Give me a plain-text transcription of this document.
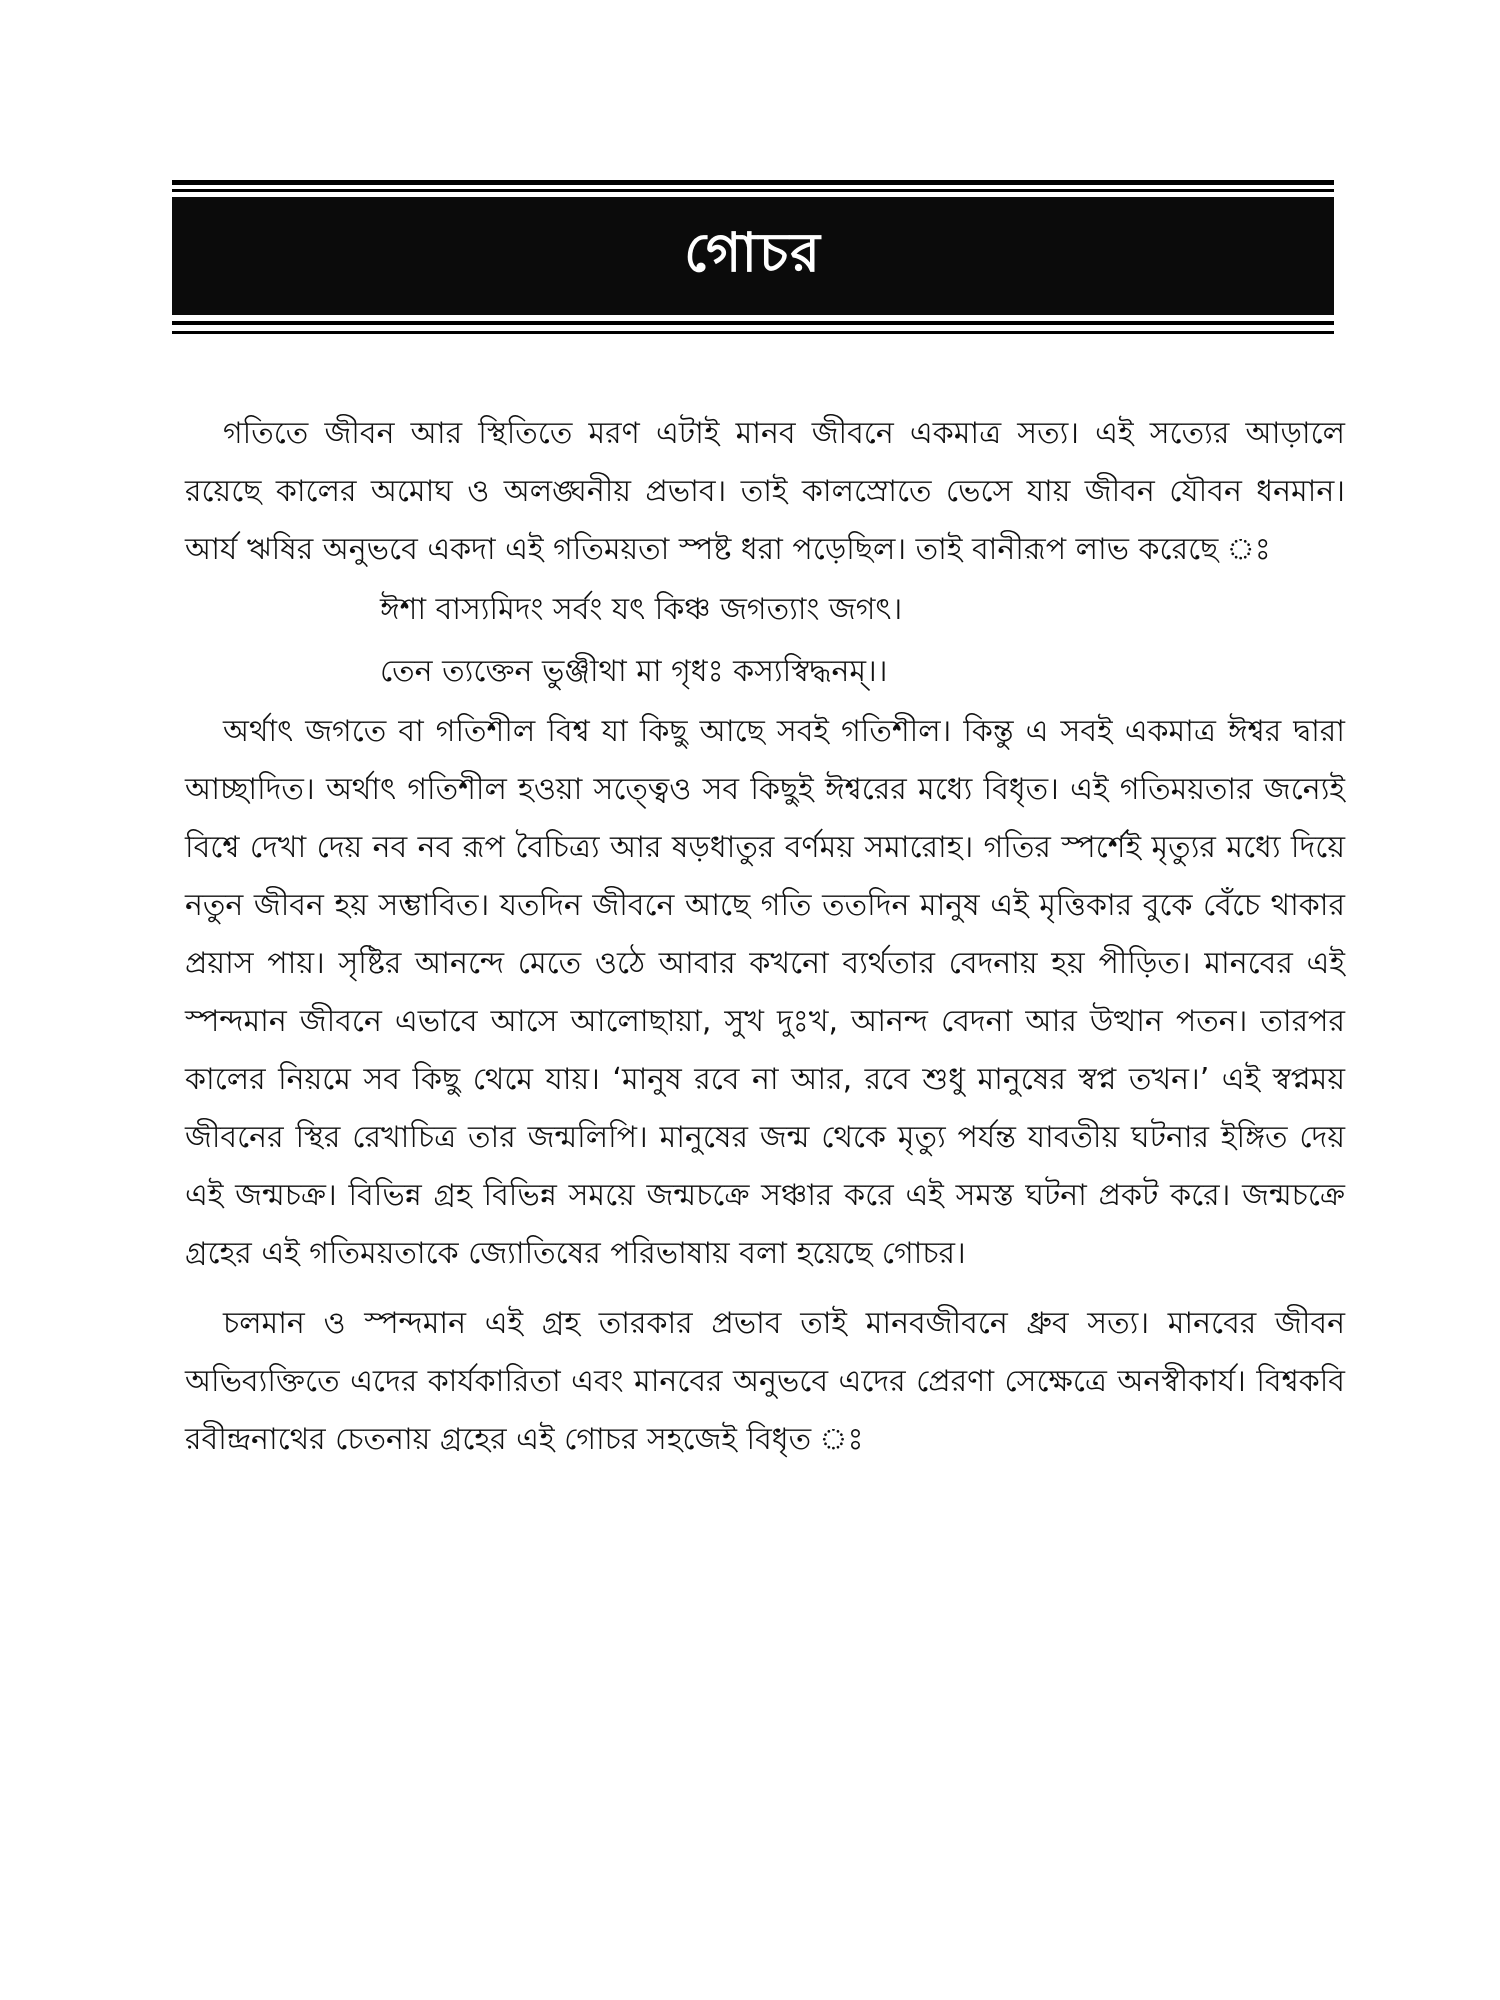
গোচর

গতিতে জীবন আর স্থিতিতে মরণ এটাই মানব জীবনে একমাত্র সত্য। এই সত্যের আড়ালে রয়েছে কালের অমোঘ ও অলঙ্ঘনীয় প্রভাব। তাই কালস্রোতে ভেসে যায় জীবন যৌবন ধনমান। আর্য ঋষির অনুভবে একদা এই গতিময়তা স্পষ্ট ধরা পড়েছিল। তাই বানীরূপ লাভ করেছে ঃ

ঈশা বাস্যমিদং সর্বং যৎ কিঞ্চ জগত্যাং জগৎ।

তেন ত্যক্তেন ভুঞ্জীথা মা গৃধঃ কস্যস্বিদ্ধনম্।।

অর্থাৎ জগতে বা গতিশীল বিশ্ব যা কিছু আছে সবই গতিশীল। কিন্তু এ সবই একমাত্র ঈশ্বর দ্বারা আচ্ছাদিত। অর্থাৎ গতিশীল হওয়া সত্ত্বেও সব কিছুই ঈশ্বরের মধ্যে বিধৃত। এই গতিময়তার জন্যেই বিশ্বে দেখা দেয় নব নব রূপ বৈচিত্র্য আর ষড়ধাতুর বর্ণময় সমারোহ। গতির স্পর্শেই মৃত্যুর মধ্যে দিয়ে নতুন জীবন হয় সম্ভাবিত। যতদিন জীবনে আছে গতি ততদিন মানুষ এই মৃত্তিকার বুকে বেঁচে থাকার প্রয়াস পায়। সৃষ্টির আনন্দে মেতে ওঠে আবার কখনো ব্যর্থতার বেদনায় হয় পীড়িত। মানবের এই স্পন্দমান জীবনে এভাবে আসে আলোছায়া, সুখ দুঃখ, আনন্দ বেদনা আর উত্থান পতন। তারপর কালের নিয়মে সব কিছু থেমে যায়। ‘মানুষ রবে না আর, রবে শুধু মানুষের স্বপ্ন তখন।’ এই স্বপ্নময় জীবনের স্থির রেখাচিত্র তার জন্মলিপি। মানুষের জন্ম থেকে মৃত্যু পর্যন্ত যাবতীয় ঘটনার ইঙ্গিত দেয় এই জন্মচক্র। বিভিন্ন গ্রহ বিভিন্ন সময়ে জন্মচক্রে সঞ্চার করে এই সমস্ত ঘটনা প্রকট করে। জন্মচক্রে গ্রহের এই গতিময়তাকে জ্যোতিষের পরিভাষায় বলা হয়েছে গোচর।

চলমান ও স্পন্দমান এই গ্রহ তারকার প্রভাব তাই মানবজীবনে ধ্রুব সত্য। মানবের জীবন অভিব্যক্তিতে এদের কার্যকারিতা এবং মানবের অনুভবে এদের প্রেরণা সেক্ষেত্রে অনস্বীকার্য। বিশ্বকবি রবীন্দ্রনাথের চেতনায় গ্রহের এই গোচর সহজেই বিধৃত ঃ
